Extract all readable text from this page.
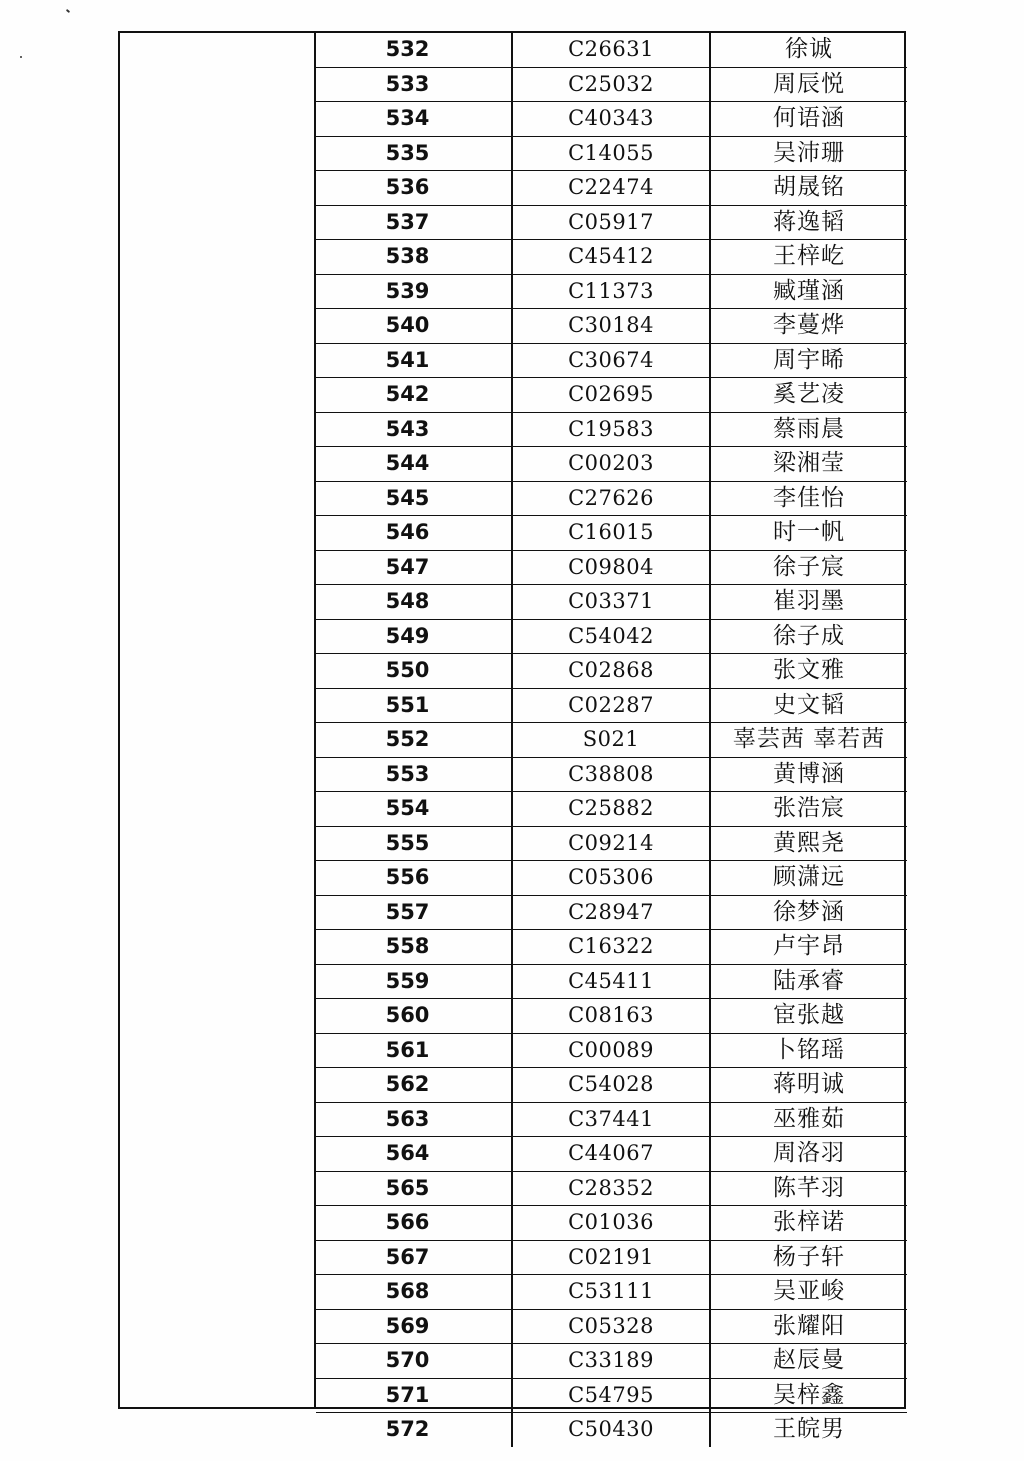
532	C26631	徐诚
533	C25032	周辰悦
534	C40343	何语涵
535	C14055	吴沛珊
536	C22474	胡晟铭
537	C05917	蒋逸韬
538	C45412	王梓屹
539	C11373	臧瑾涵
540	C30184	李蔓烨
541	C30674	周宇晞
542	C02695	奚艺凌
543	C19583	蔡雨晨
544	C00203	梁湘莹
545	C27626	李佳怡
546	C16015	时一帆
547	C09804	徐子宸
548	C03371	崔羽墨
549	C54042	徐子成
550	C02868	张文雅
551	C02287	史文韬
552	S021	辜芸茜 辜若茜
553	C38808	黄博涵
554	C25882	张浩宸
555	C09214	黄熙尧
556	C05306	顾潇远
557	C28947	徐梦涵
558	C16322	卢宇昂
559	C45411	陆承睿
560	C08163	宦张越
561	C00089	卜铭瑶
562	C54028	蒋明诚
563	C37441	巫雅茹
564	C44067	周洛羽
565	C28352	陈芊羽
566	C01036	张梓诺
567	C02191	杨子轩
568	C53111	吴亚峻
569	C05328	张耀阳
570	C33189	赵辰曼
571	C54795	吴梓鑫
572	C50430	王皖男
